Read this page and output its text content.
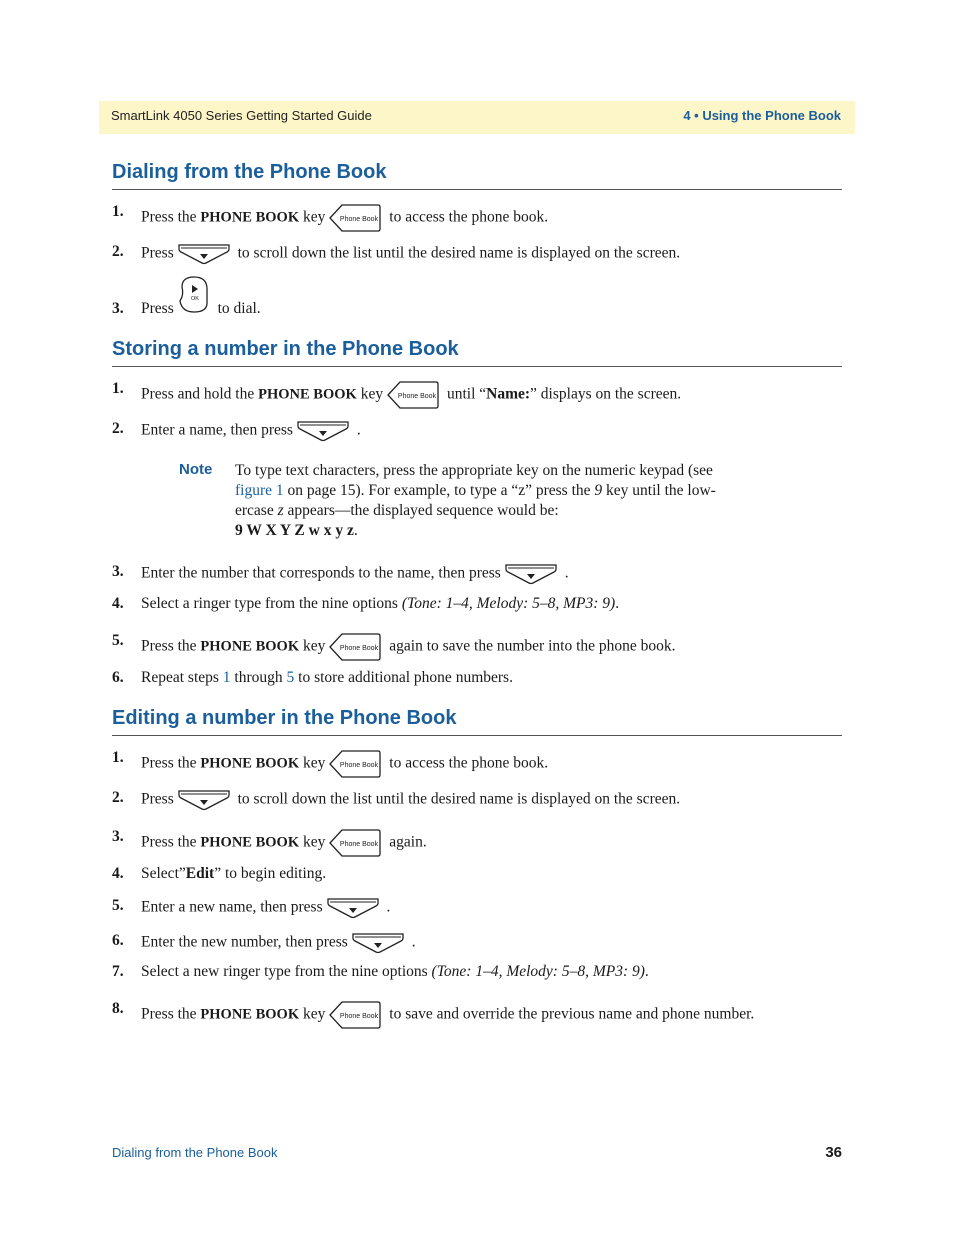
SmartLink 4050 Series Getting Started Guide	4 • Using the Phone Book
Dialing from the Phone Book
1. Press the PHONE BOOK key Phone Book to access the phone book.
2. Press	to scroll down the list until the desired name is displayed on the screen.
3. Press
OK
to dial.
Storing a number in the Phone Book
1. Press and hold the PHONE BOOK key Phone Book until “Name:” displays on the screen.
2. Enter a name, then press	.
Note To type text characters, press the appropriate key on the numeric keypad (see
figure 1 on page 15). For example, to type a “z” press the 9 key until the low-
ercase z appears—the displayed sequence would be:
9 W X Y Z w x y z.
3. Enter the number that corresponds to the name, then press	.
4. Select a ringer type from the nine options (Tone: 1–4, Melody: 5–8, MP3: 9).
5. Press the PHONE BOOK key Phone Book again to save the number into the phone book.
6. Repeat steps 1 through 5 to store additional phone numbers.
Editing a number in the Phone Book
1. Press the PHONE BOOK key Phone Book to access the phone book.
2. Press	to scroll down the list until the desired name is displayed on the screen.
3. Press the PHONE BOOK key Phone Book again.
4. Select”Edit” to begin editing.
5. Enter a new name, then press	.
6. Enter the new number, then press	.
7. Select a new ringer type from the nine options (Tone: 1–4, Melody: 5–8, MP3: 9).
8. Press the PHONE BOOK key Phone Book to save and override the previous name and phone number.
Dialing from the Phone Book	36
